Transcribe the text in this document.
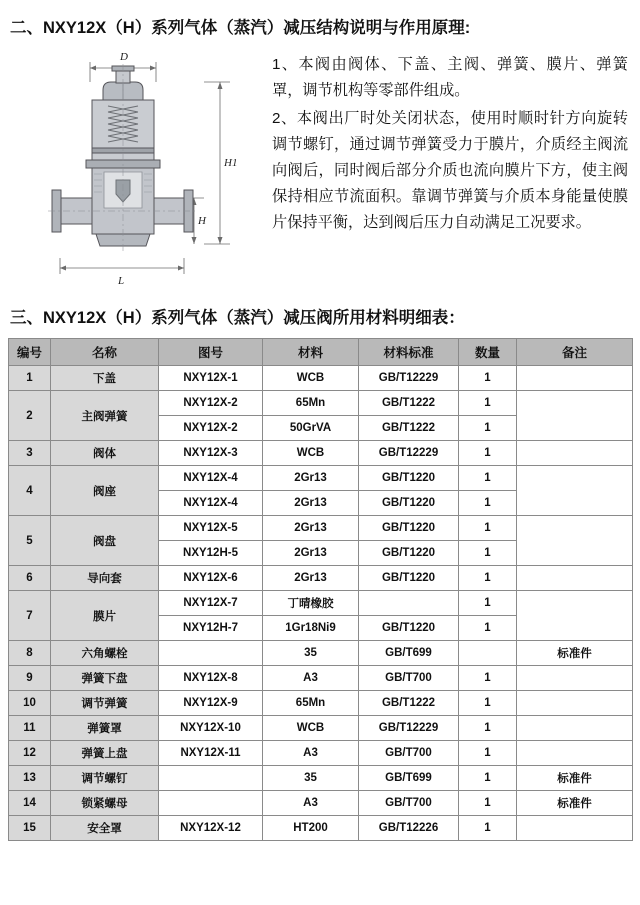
二、NXY12X（H）系列气体（蒸汽）减压结构说明与作用原理:
D
H1
H
L

1、本阀由阀体、下盖、主阀、弹簧、膜片、弹簧罩，调节机构等零部件组成。

2、本阀出厂时处关闭状态，使用时顺时针方向旋转调节螺钉，通过调节弹簧受力于膜片，介质经主阀流向阀后，同时阀后部分介质也流向膜片下方，使主阀保持相应节流面积。靠调节弹簧与介质本身能量使膜片保持平衡，达到阀后压力自动满足工况要求。

三、NXY12X（H）系列气体（蒸汽）减压阀所用材料明细表：
编号	名称	图号	材料	材料标准	数量	备注
1	下盖	NXY12X-1	WCB	GB/T12229	1	
2	主阀弹簧	NXY12X-2	65Mn	GB/T1222	1	
		NXY12X-2	50GrVA	GB/T1222	1	
3	阀体	NXY12X-3	WCB	GB/T12229	1	
4	阀座	NXY12X-4	2Gr13	GB/T1220	1	
		NXY12X-4	2Gr13	GB/T1220	1	
5	阀盘	NXY12X-5	2Gr13	GB/T1220	1	
		NXY12H-5	2Gr13	GB/T1220	1	
6	导向套	NXY12X-6	2Gr13	GB/T1220	1	
7	膜片	NXY12X-7	丁晴橡胶		1	
		NXY12H-7	1Gr18Ni9	GB/T1220	1	
8	六角螺栓		35	GB/T699		标准件
9	弹簧下盘	NXY12X-8	A3	GB/T700	1	
10	调节弹簧	NXY12X-9	65Mn	GB/T1222	1	
11	弹簧罩	NXY12X-10	WCB	GB/T12229	1	
12	弹簧上盘	NXY12X-11	A3	GB/T700	1	
13	调节螺钉		35	GB/T699	1	标准件
14	锁紧螺母		A3	GB/T700	1	标准件
15	安全罩	NXY12X-12	HT200	GB/T12226	1	
